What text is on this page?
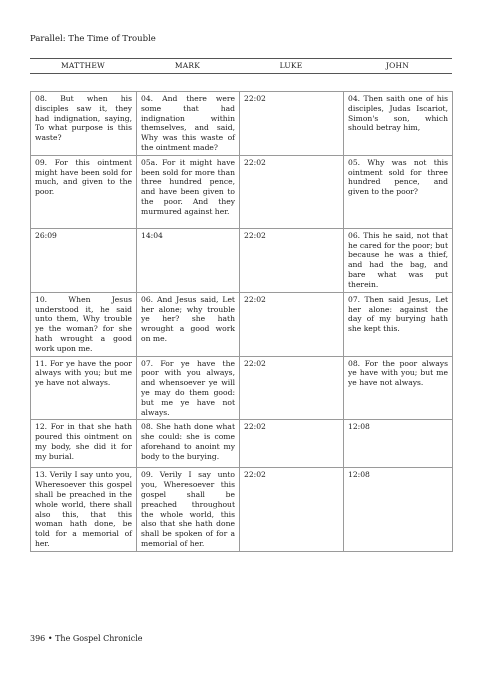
Parallel: The Time of Trouble
MATTHEW	MARK	LUKE	JOHN
08. But when his disciples saw it, they had indignation, saying, To what purpose is this waste?	04. And there were some that had indignation within themselves, and said, Why was this waste of the ointment made?	22:02	04. Then saith one of his disciples, Judas Iscariot, Simon's son, which should betray him,
09. For this ointment might have been sold for much, and given to the poor.	05a. For it might have been sold for more than three hundred pence, and have been given to the poor. And they murmured against her.	22:02	05. Why was not this ointment sold for three hundred pence, and given to the poor?
26:09	14:04	22:02	06. This he said, not that he cared for the poor; but because he was a thief, and had the bag, and bare what was put therein.
10. When Jesus understood it, he said unto them, Why trouble ye the woman? for she hath wrought a good work upon me.	06. And Jesus said, Let her alone; why trouble ye her? she hath wrought a good work on me.	22:02	07. Then said Jesus, Let her alone: against the day of my burying hath she kept this.
11. For ye have the poor always with you; but me ye have not always.	07. For ye have the poor with you always, and whensoever ye will ye may do them good: but me ye have not always.	22:02	08. For the poor always ye have with you; but me ye have not always.
12. For in that she hath poured this ointment on my body, she did it for my burial.	08. She hath done what she could: she is come aforehand to anoint my body to the burying.	22:02	12:08
13. Verily I say unto you, Wheresoever this gospel shall be preached in the whole world, there shall also this, that this woman hath done, be told for a memorial of her.	09. Verily I say unto you, Wheresoever this gospel shall be preached throughout the whole world, this also that she hath done shall be spoken of for a memorial of her.	22:02	12:08
396 • The Gospel Chronicle
